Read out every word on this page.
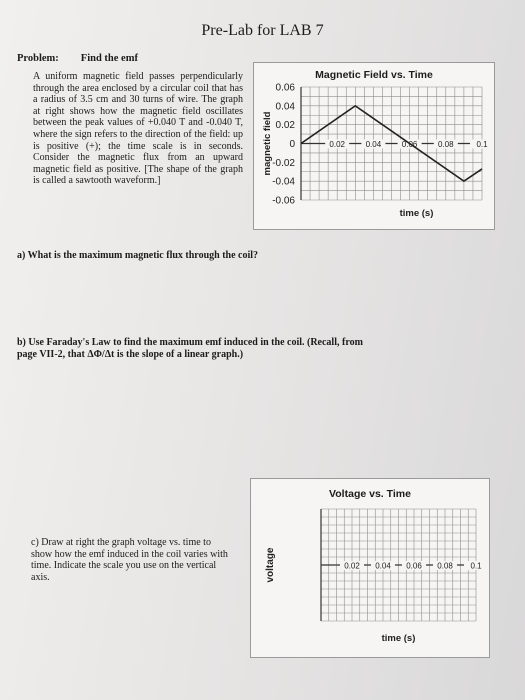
Pre-Lab for LAB 7
Problem: Find the emf
A uniform magnetic field passes perpendicularly through the area enclosed by a circular coil that has a radius of 3.5 cm and 30 turns of wire. The graph at right shows how the magnetic field oscillates between the peak values of +0.040 T and -0.040 T, where the sign refers to the direction of the field: up is positive (+); the time scale is in seconds. Consider the magnetic flux from an upward magnetic field as positive. [The shape of the graph is called a sawtooth waveform.]
Magnetic Field vs. Time
0.06
0.04
0.02
0
-0.02
-0.04
-0.06
0.02	0.04	0.06	0.08	0.1
time (s)
magnetic field
a) What is the maximum magnetic flux through the coil?
b) Use Faraday's Law to find the maximum emf induced in the coil. (Recall, from page VII-2, that ΔΦ/Δt is the slope of a linear graph.)
c) Draw at right the graph voltage vs. time to show how the emf induced in the coil varies with time. Indicate the scale you use on the vertical axis.
Voltage vs. Time
0.02 0.04 0.06 0.08 0.1
time (s)
voltage
